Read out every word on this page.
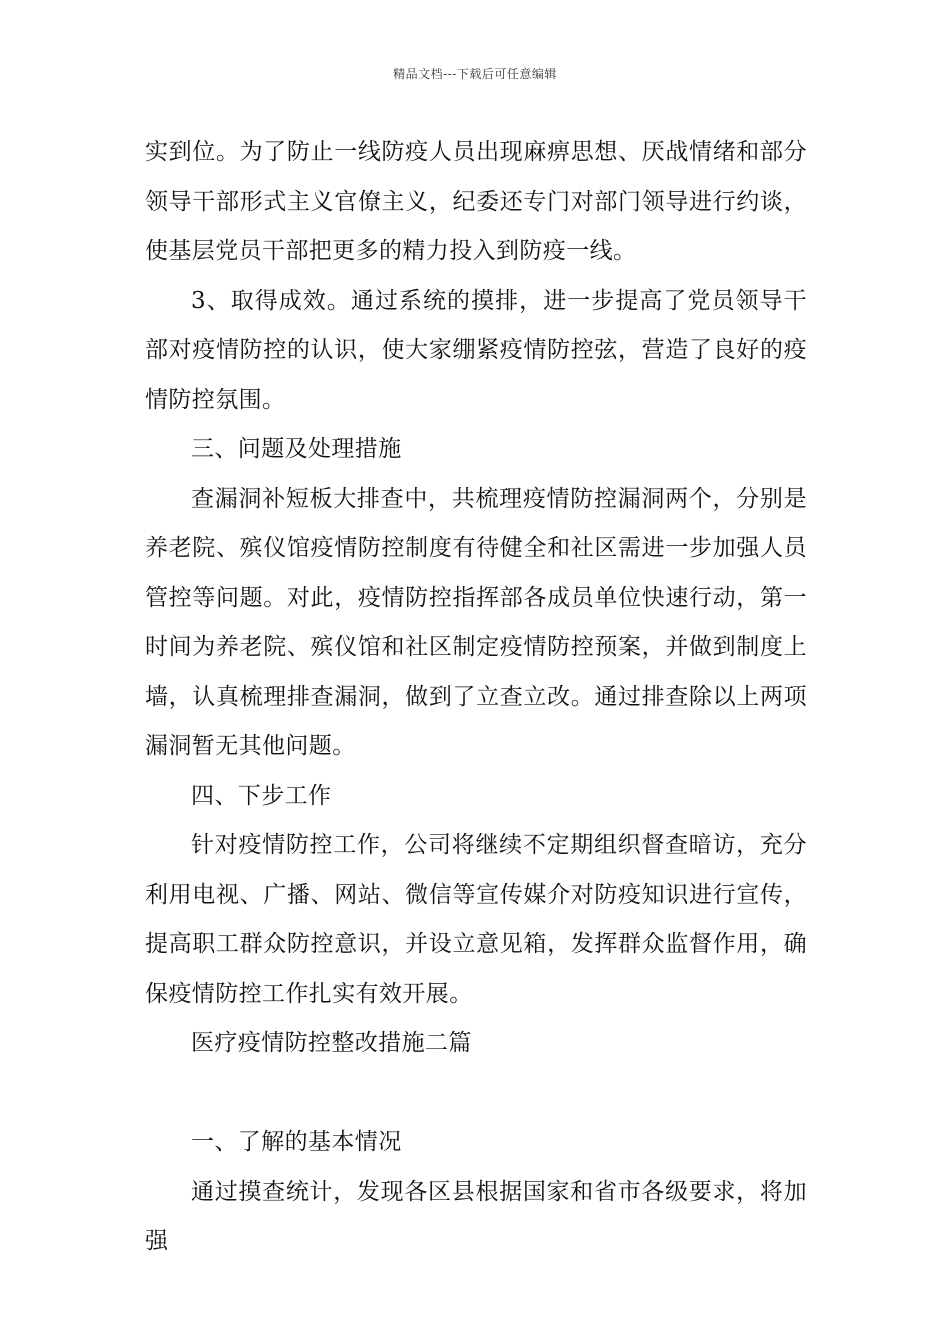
精品文档---下载后可任意编辑

实到位。为了防止一线防疫人员出现麻痹思想、厌战情绪和部分领导干部形式主义官僚主义，纪委还专门对部门领导进行约谈，使基层党员干部把更多的精力投入到防疫一线。

3、取得成效。通过系统的摸排，进一步提高了党员领导干部对疫情防控的认识，使大家绷紧疫情防控弦，营造了良好的疫情防控氛围。

三、问题及处理措施

查漏洞补短板大排查中，共梳理疫情防控漏洞两个，分别是养老院、殡仪馆疫情防控制度有待健全和社区需进一步加强人员管控等问题。对此，疫情防控指挥部各成员单位快速行动，第一时间为养老院、殡仪馆和社区制定疫情防控预案，并做到制度上墙，认真梳理排查漏洞，做到了立查立改。通过排查除以上两项漏洞暂无其他问题。

四、下步工作

针对疫情防控工作，公司将继续不定期组织督查暗访，充分利用电视、广播、网站、微信等宣传媒介对防疫知识进行宣传，提高职工群众防控意识，并设立意见箱，发挥群众监督作用，确保疫情防控工作扎实有效开展。

医疗疫情防控整改措施二篇

一、了解的基本情况

通过摸查统计，发现各区县根据国家和省市各级要求，将加强
